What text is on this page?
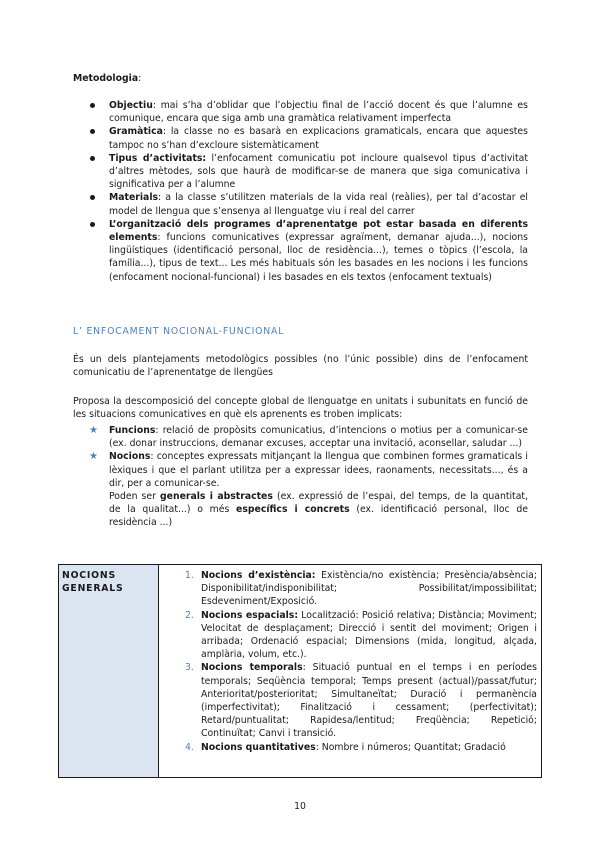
Metodologia:
Objectiu: mai s’ha d’oblidar que l’objectiu final de l’acció docent és que l’alumne es comunique, encara que siga amb una gramàtica relativament imperfecta
Gramàtica: la classe no es basarà en explicacions gramaticals, encara que aquestes tampoc no s’han d’excloure sistemàticament
Tipus d’activitats: l’enfocament comunicatiu pot incloure qualsevol tipus d’activitat d’altres mètodes, sols que haurà de modificar-se de manera que siga comunicativa i significativa per a l’alumne
Materials: a la classe s’utilitzen materials de la vida real (reàlies), per tal d’acostar el model de llengua que s’ensenya al llenguatge viu i real del carrer
L’organització dels programes d’aprenentatge pot estar basada en diferents elements: funcions comunicatives (expressar agraïment, demanar ajuda...), nocions lingüístiques (identificació personal, lloc de residència...), temes o tòpics (l’escola, la família...), tipus de text... Les més habituals són les basades en les nocions i les funcions (enfocament nocional-funcional) i les basades en els textos (enfocament textuals)
L’ ENFOCAMENT NOCIONAL-FUNCIONAL
És un dels plantejaments metodològics possibles (no l’únic possible) dins de l’enfocament comunicatiu de l’aprenentatge de llengües
Proposa la descomposició del concepte global de llenguatge en unitats i subunitats en funció de les situacions comunicatives en què els aprenents es troben implicats:
★ Funcions: relació de propòsits comunicatius, d’intencions o motius per a comunicar-se (ex. donar instruccions, demanar excuses, acceptar una invitació, aconsellar, saludar ...)
★ Nocions: conceptes expressats mitjançant la llengua que combinen formes gramaticals i lèxiques i que el parlant utilitza per a expressar idees, raonaments, necessitats..., és a dir, per a comunicar-se.
Poden ser generals i abstractes (ex. expressió de l’espai, del temps, de la quantitat, de la qualitat...) o més específics i concrets (ex. identificació personal, lloc de residència ...)
NOCIONS
GENERALS

1. Nocions d’existència: Existència/no existència; Presència/absència; Disponibilitat/indisponibilitat; Possibilitat/impossibilitat; Esdeveniment/Exposició.
2. Nocions espacials: Localització: Posició relativa; Distància; Moviment; Velocitat de desplaçament; Direcció i sentit del moviment; Origen i arribada; Ordenació espacial; Dimensions (mida, longitud, alçada, amplària, volum, etc.).
3. Nocions temporals: Situació puntual en el temps i en períodes temporals; Seqüència temporal; Temps present (actual)/passat/futur; Anterioritat/posterioritat; Simultaneïtat; Duració i permanència (imperfectivitat); Finalització i cessament; (perfectivitat); Retard/puntualitat; Rapidesa/lentitud; Freqüència; Repetició; Continuïtat; Canvi i transició.
4. Nocions quantitatives: Nombre i números; Quantitat; Gradació
10
